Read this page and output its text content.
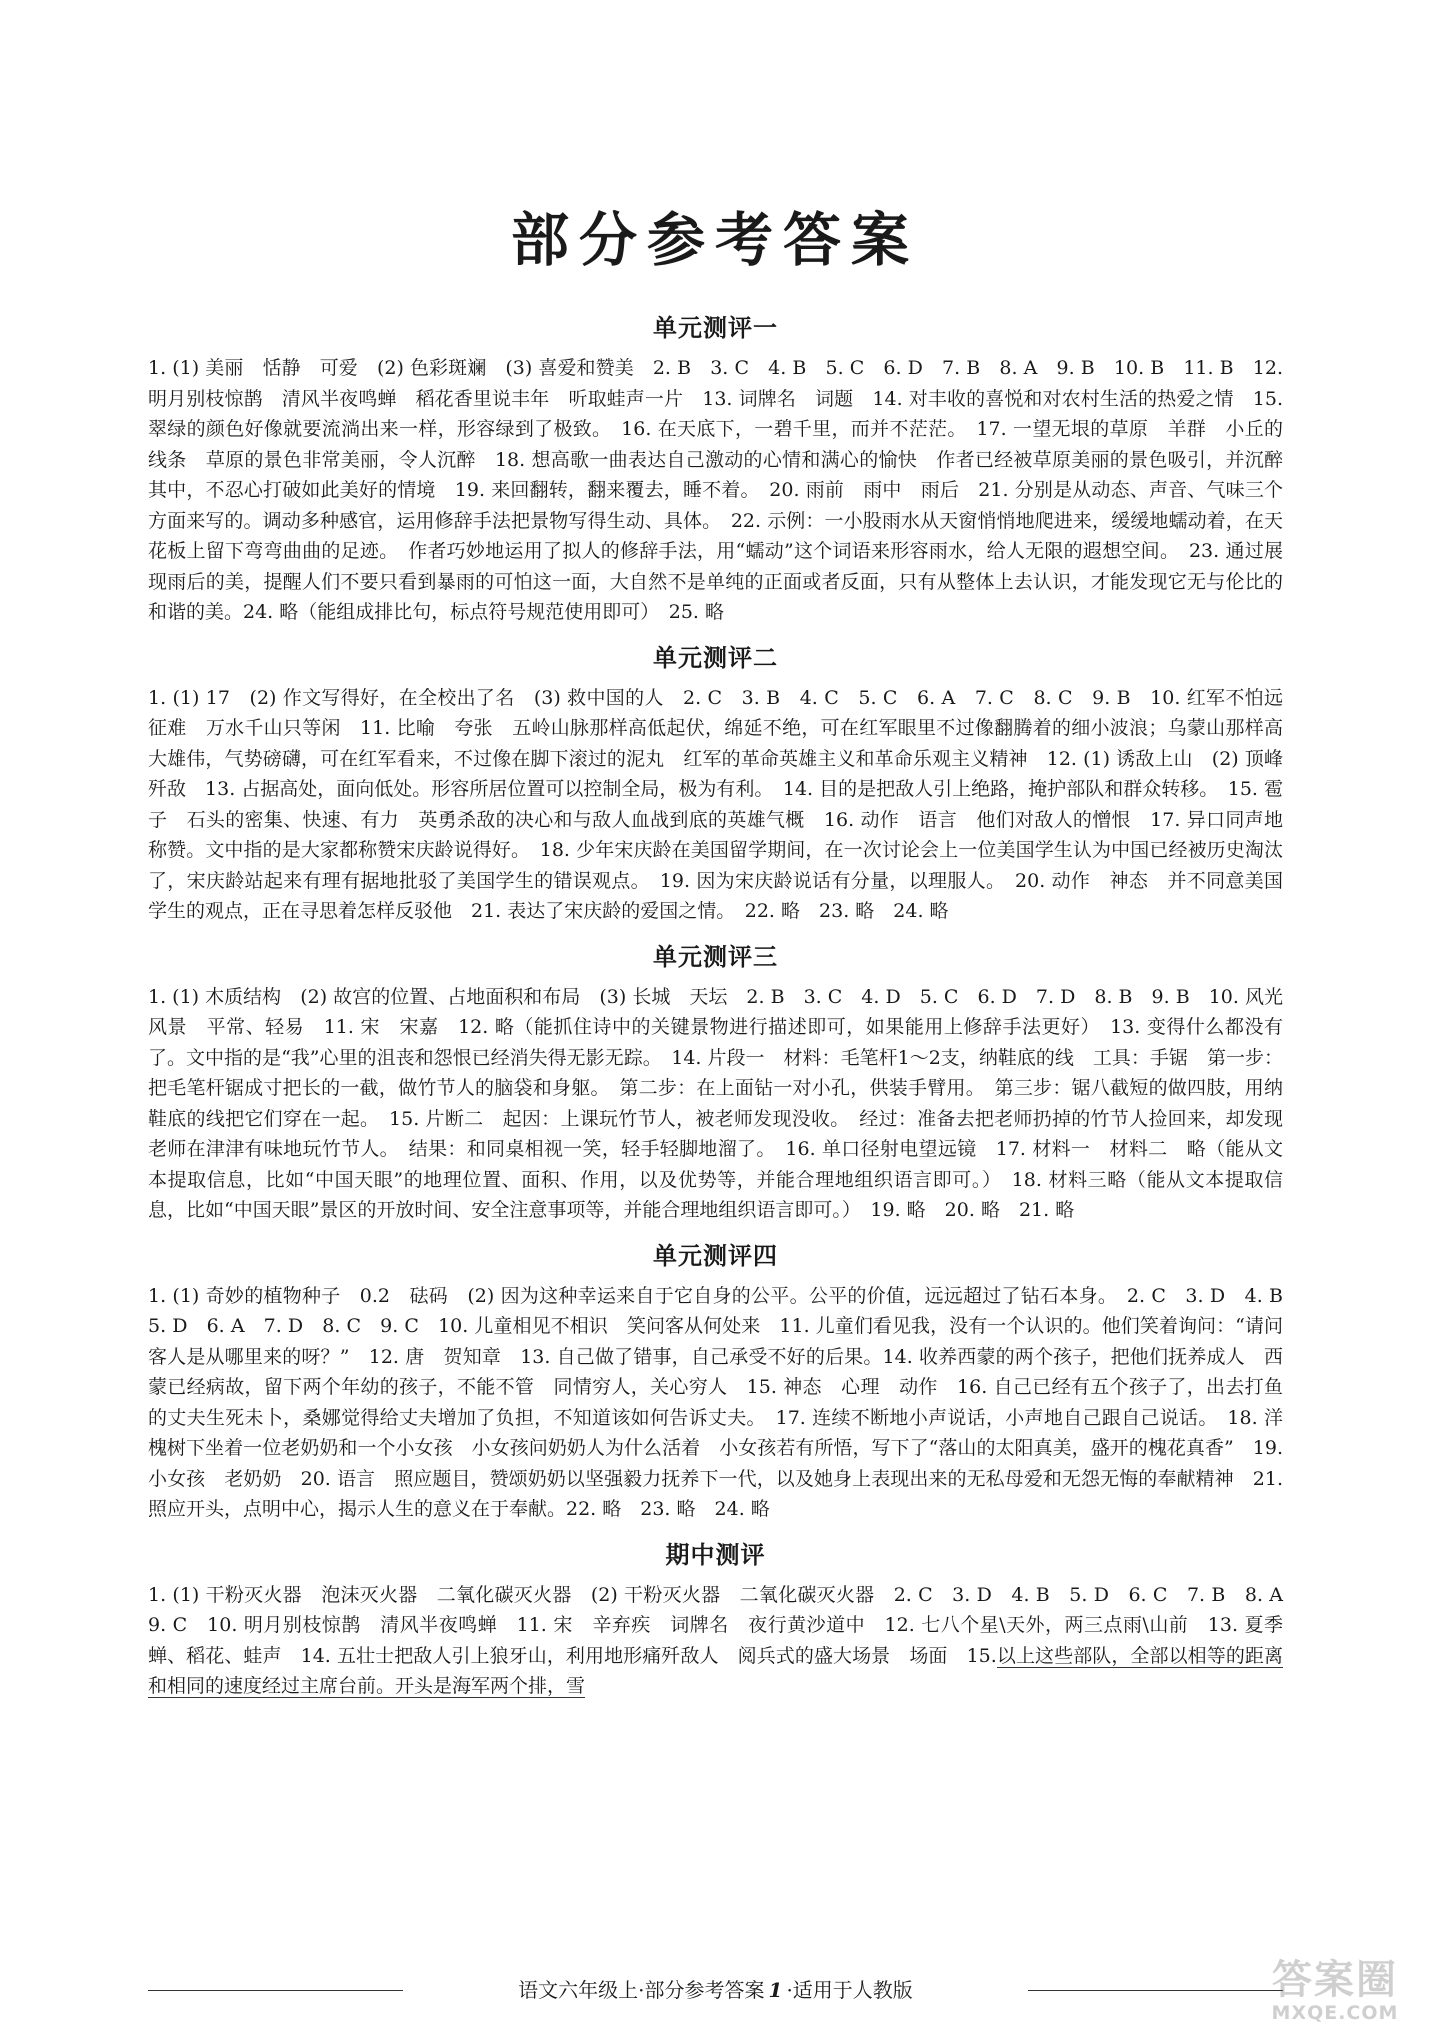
部分参考答案
单元测评一

1. (1) 美丽　恬静　可爱　(2) 色彩斑斓　(3) 喜爱和赞美　2. B　3. C　4. B　5. C　6. D　7. B　8. A　9. B　10. B　11. B　12. 明月别枝惊鹊　清风半夜鸣蝉　稻花香里说丰年　听取蛙声一片　13. 词牌名　词题　14. 对丰收的喜悦和对农村生活的热爱之情　15. 翠绿的颜色好像就要流淌出来一样，形容绿到了极致。　16. 在天底下，一碧千里，而并不茫茫。　17. 一望无垠的草原　羊群　小丘的线条　草原的景色非常美丽，令人沉醉　18. 想高歌一曲表达自己激动的心情和满心的愉快　作者已经被草原美丽的景色吸引，并沉醉其中，不忍心打破如此美好的情境　19. 来回翻转，翻来覆去，睡不着。　20. 雨前　雨中　雨后　21. 分别是从动态、声音、气味三个方面来写的。调动多种感官，运用修辞手法把景物写得生动、具体。　22. 示例：一小股雨水从天窗悄悄地爬进来，缓缓地蠕动着，在天花板上留下弯弯曲曲的足迹。　作者巧妙地运用了拟人的修辞手法，用“蠕动”这个词语来形容雨水，给人无限的遐想空间。　23. 通过展现雨后的美，提醒人们不要只看到暴雨的可怕这一面，大自然不是单纯的正面或者反面，只有从整体上去认识，才能发现它无与伦比的和谐的美。24. 略（能组成排比句，标点符号规范使用即可）　25. 略

单元测评二

1. (1) 17　(2) 作文写得好，在全校出了名　(3) 救中国的人　2. C　3. B　4. C　5. C　6. A　7. C　8. C　9. B　10. 红军不怕远征难　万水千山只等闲　11. 比喻　夸张　五岭山脉那样高低起伏，绵延不绝，可在红军眼里不过像翻腾着的细小波浪；乌蒙山那样高大雄伟，气势磅礴，可在红军看来，不过像在脚下滚过的泥丸　红军的革命英雄主义和革命乐观主义精神　12. (1) 诱敌上山　(2) 顶峰歼敌　13. 占据高处，面向低处。形容所居位置可以控制全局，极为有利。　14. 目的是把敌人引上绝路，掩护部队和群众转移。　15. 雹子　石头的密集、快速、有力　英勇杀敌的决心和与敌人血战到底的英雄气概　16. 动作　语言　他们对敌人的憎恨　17. 异口同声地称赞。文中指的是大家都称赞宋庆龄说得好。　18. 少年宋庆龄在美国留学期间，在一次讨论会上一位美国学生认为中国已经被历史淘汰了，宋庆龄站起来有理有据地批驳了美国学生的错误观点。　19. 因为宋庆龄说话有分量，以理服人。　20. 动作　神态　并不同意美国学生的观点，正在寻思着怎样反驳他　21. 表达了宋庆龄的爱国之情。　22. 略　23. 略　24. 略

单元测评三

1. (1) 木质结构　(2) 故宫的位置、占地面积和布局　(3) 长城　天坛　2. B　3. C　4. D　5. C　6. D　7. D　8. B　9. B　10. 风光风景　平常、轻易　11. 宋　宋嘉　12. 略（能抓住诗中的关键景物进行描述即可，如果能用上修辞手法更好）　13. 变得什么都没有了。文中指的是“我”心里的沮丧和怨恨已经消失得无影无踪。　14. 片段一　材料：毛笔杆1～2支，纳鞋底的线　工具：手锯　第一步：把毛笔杆锯成寸把长的一截，做竹节人的脑袋和身躯。　第二步：在上面钻一对小孔，供装手臂用。　第三步：锯八截短的做四肢，用纳鞋底的线把它们穿在一起。　15. 片断二　起因：上课玩竹节人，被老师发现没收。　经过：准备去把老师扔掉的竹节人捡回来，却发现老师在津津有味地玩竹节人。　结果：和同桌相视一笑，轻手轻脚地溜了。　16. 单口径射电望远镜　17. 材料一　材料二　略（能从文本提取信息，比如“中国天眼”的地理位置、面积、作用，以及优势等，并能合理地组织语言即可。）　18. 材料三略（能从文本提取信息，比如“中国天眼”景区的开放时间、安全注意事项等，并能合理地组织语言即可。）　19. 略　20. 略　21. 略

单元测评四

1. (1) 奇妙的植物种子　0.2　砝码　(2) 因为这种幸运来自于它自身的公平。公平的价值，远远超过了钻石本身。　2. C　3. D　4. B　5. D　6. A　7. D　8. C　9. C　10. 儿童相见不相识　笑问客从何处来　11. 儿童们看见我，没有一个认识的。他们笑着询问：“请问客人是从哪里来的呀？”　12. 唐　贺知章　13. 自己做了错事，自己承受不好的后果。14. 收养西蒙的两个孩子，把他们抚养成人　西蒙已经病故，留下两个年幼的孩子，不能不管　同情穷人，关心穷人　15. 神态　心理　动作　16. 自己已经有五个孩子了，出去打鱼的丈夫生死未卜，桑娜觉得给丈夫增加了负担，不知道该如何告诉丈夫。　17. 连续不断地小声说话，小声地自己跟自己说话。　18. 洋槐树下坐着一位老奶奶和一个小女孩　小女孩问奶奶人为什么活着　小女孩若有所悟，写下了“落山的太阳真美，盛开的槐花真香”　19. 小女孩　老奶奶　20. 语言　照应题目，赞颂奶奶以坚强毅力抚养下一代，以及她身上表现出来的无私母爱和无怨无悔的奉献精神　21. 照应开头，点明中心，揭示人生的意义在于奉献。22. 略　23. 略　24. 略

期中测评

1. (1) 干粉灭火器　泡沫灭火器　二氧化碳灭火器　(2) 干粉灭火器　二氧化碳灭火器　2. C　3. D　4. B　5. D　6. C　7. B　8. A　9. C　10. 明月别枝惊鹊　清风半夜鸣蝉　11. 宋　辛弃疾　词牌名　夜行黄沙道中　12. 七八个星\天外，两三点雨\山前　13. 夏季　蝉、稻花、蛙声　14. 五壮士把敌人引上狼牙山，利用地形痛歼敌人　阅兵式的盛大场景　场面　15.以上这些部队，全部以相等的距离和相同的速度经过主席台前。开头是海军两个排，雪

语文六年级上·部分参考答案 1 ·适用于人教版	答案圈
MXQE.COM
